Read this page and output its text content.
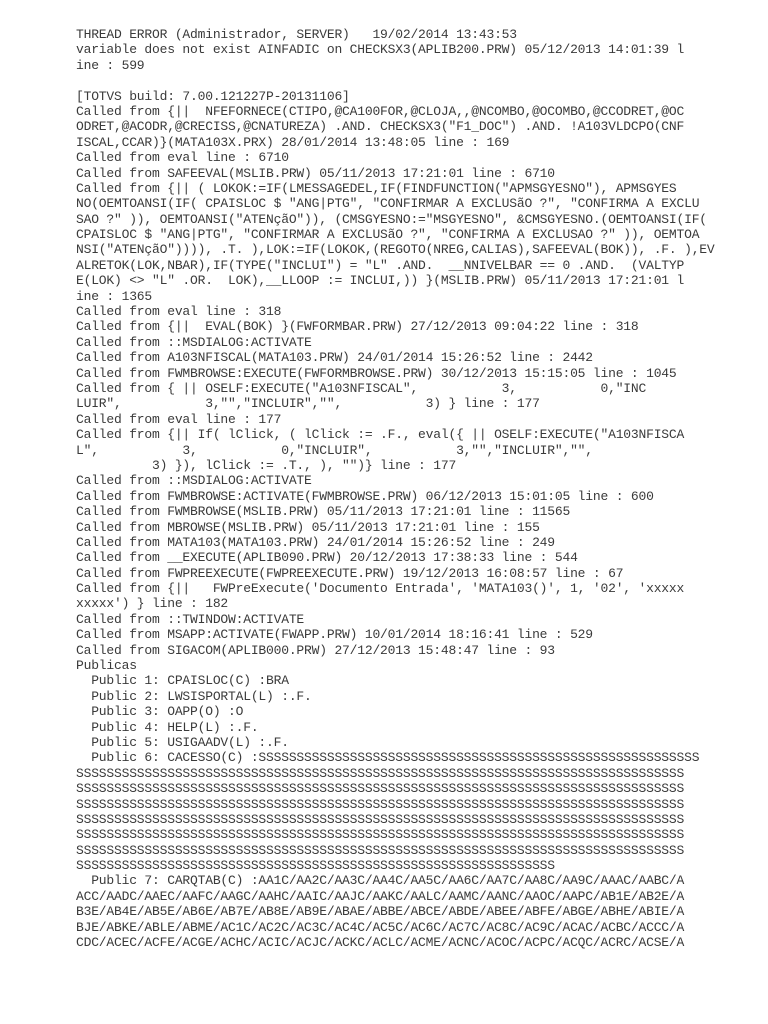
THREAD ERROR (Administrador, SERVER)   19/02/2014 13:43:53
variable does not exist AINFADIC on CHECKSX3(APLIB200.PRW) 05/12/2013 14:01:39 l
ine : 599
[TOTVS build: 7.00.121227P-20131106]
Called from {||  NFEFORNECE(CTIPO,@CA100FOR,@CLOJA,,@NCOMBO,@OCOMBO,@CCODRET,@OC
ODRET,@ACODR,@CRECISS,@CNATUREZA) .AND. CHECKSX3("F1_DOC") .AND. !A103VLDCPO(CNF
ISCAL,CCAR)}(MATA103X.PRX) 28/01/2014 13:48:05 line : 169
Called from eval line : 6710
Called from SAFEEVAL(MSLIB.PRW) 05/11/2013 17:21:01 line : 6710
Called from {|| ( LOKOK:=IF(LMESSAGEDEL,IF(FINDFUNCTION("APMSGYESNO"), APMSGYES
NO(OEMTOANSI(IF( CPAISLOC $ "ANG|PTG", "CONFIRMAR A EXCLUSãO ?", "CONFIRMA A EXCLU
SAO ?" )), OEMTOANSI("ATENçãO")), (CMSGYESNO:="MSGYESNO", &CMSGYESNO.(OEMTOANSI(IF(
CPAISLOC $ "ANG|PTG", "CONFIRMAR A EXCLUSãO ?", "CONFIRMA A EXCLUSAO ?" )), OEMTOA
NSI("ATENçãO")))), .T. ),LOK:=IF(LOKOK,(REGOTO(NREG,CALIAS),SAFEEVAL(BOK)), .F. ),EV
ALRETOK(LOK,NBAR),IF(TYPE("INCLUI") = "L" .AND.  __NNIVELBAR == 0 .AND.  (VALTYP
E(LOK) <> "L" .OR.  LOK),__LLOOP := INCLUI,)) }(MSLIB.PRW) 05/11/2013 17:21:01 l
ine : 1365
Called from eval line : 318
Called from {||  EVAL(BOK) }(FWFORMBAR.PRW) 27/12/2013 09:04:22 line : 318
Called from ::MSDIALOG:ACTIVATE
Called from A103NFISCAL(MATA103.PRW) 24/01/2014 15:26:52 line : 2442
Called from FWMBROWSE:EXECUTE(FWFORMBROWSE.PRW) 30/12/2013 15:15:05 line : 1045
Called from { || OSELF:EXECUTE("A103NFISCAL",           3,           0,"INC
LUIR",           3,"","INCLUIR","",           3) } line : 177
Called from eval line : 177
Called from {|| If( lClick, ( lClick := .F., eval({ || OSELF:EXECUTE("A103NFISCA
L",           3,           0,"INCLUIR",           3,"","INCLUIR","",
3) }), lClick := .T., ), "")} line : 177
Called from ::MSDIALOG:ACTIVATE
Called from FWMBROWSE:ACTIVATE(FWMBROWSE.PRW) 06/12/2013 15:01:05 line : 600
Called from FWMBROWSE(MSLIB.PRW) 05/11/2013 17:21:01 line : 11565
Called from MBROWSE(MSLIB.PRW) 05/11/2013 17:21:01 line : 155
Called from MATA103(MATA103.PRW) 24/01/2014 15:26:52 line : 249
Called from __EXECUTE(APLIB090.PRW) 20/12/2013 17:38:33 line : 544
Called from FWPREEXECUTE(FWPREEXECUTE.PRW) 19/12/2013 16:08:57 line : 67
Called from {||   FWPreExecute('Documento Entrada', 'MATA103()', 1, '02', 'xxxxx
xxxxx') } line : 182
Called from ::TWINDOW:ACTIVATE
Called from MSAPP:ACTIVATE(FWAPP.PRW) 10/01/2014 18:16:41 line : 529
Called from SIGACOM(APLIB000.PRW) 27/12/2013 15:48:47 line : 93
Publicas
Public 1: CPAISLOC(C) :BRA
Public 2: LWSISPORTAL(L) :.F.
Public 3: OAPP(O) :O
Public 4: HELP(L) :.F.
Public 5: USIGAADV(L) :.F.
Public 6: CACESSO(C) :SSSSSSSSSSSSSSSSSSSSSSSSSSSSSSSSSSSSSSSSSSSSSSSSSSSSSSSSSS
SSSSSSSSSSSSSSSSSSSSSSSSSSSSSSSSSSSSSSSSSSSSSSSSSSSSSSSSSSSSSSSSSSSSSSSSSSSSSSSS
SSSSSSSSSSSSSSSSSSSSSSSSSSSSSSSSSSSSSSSSSSSSSSSSSSSSSSSSSSSSSSSSSSSSSSSSSSSSSSSS
SSSSSSSSSSSSSSSSSSSSSSSSSSSSSSSSSSSSSSSSSSSSSSSSSSSSSSSSSSSSSSSSSSSSSSSSSSSSSSSS
SSSSSSSSSSSSSSSSSSSSSSSSSSSSSSSSSSSSSSSSSSSSSSSSSSSSSSSSSSSSSSSSSSSSSSSSSSSSSSSS
SSSSSSSSSSSSSSSSSSSSSSSSSSSSSSSSSSSSSSSSSSSSSSSSSSSSSSSSSSSSSSSSSSSSSSSSSSSSSSSS
SSSSSSSSSSSSSSSSSSSSSSSSSSSSSSSSSSSSSSSSSSSSSSSSSSSSSSSSSSSSSSSSSSSSSSSSSSSSSSSS
SSSSSSSSSSSSSSSSSSSSSSSSSSSSSSSSSSSSSSSSSSSSSSSSSSSSSSSSSSSSSSS
Public 7: CARQTAB(C) :AA1C/AA2C/AA3C/AA4C/AA5C/AA6C/AA7C/AA8C/AA9C/AAAC/AABC/A
ACC/AADC/AAEC/AAFC/AAGC/AAHC/AAIC/AAJC/AAKC/AALC/AAMC/AANC/AAOC/AAPC/AB1E/AB2E/A
B3E/AB4E/AB5E/AB6E/AB7E/AB8E/AB9E/ABAE/ABBE/ABCE/ABDE/ABEE/ABFE/ABGE/ABHE/ABIE/A
BJE/ABKE/ABLE/ABME/AC1C/AC2C/AC3C/AC4C/AC5C/AC6C/AC7C/AC8C/AC9C/ACAC/ACBC/ACCC/A
CDC/ACEC/ACFE/ACGE/ACHC/ACIC/ACJC/ACKC/ACLC/ACME/ACNC/ACOC/ACPC/ACQC/ACRC/ACSE/A
